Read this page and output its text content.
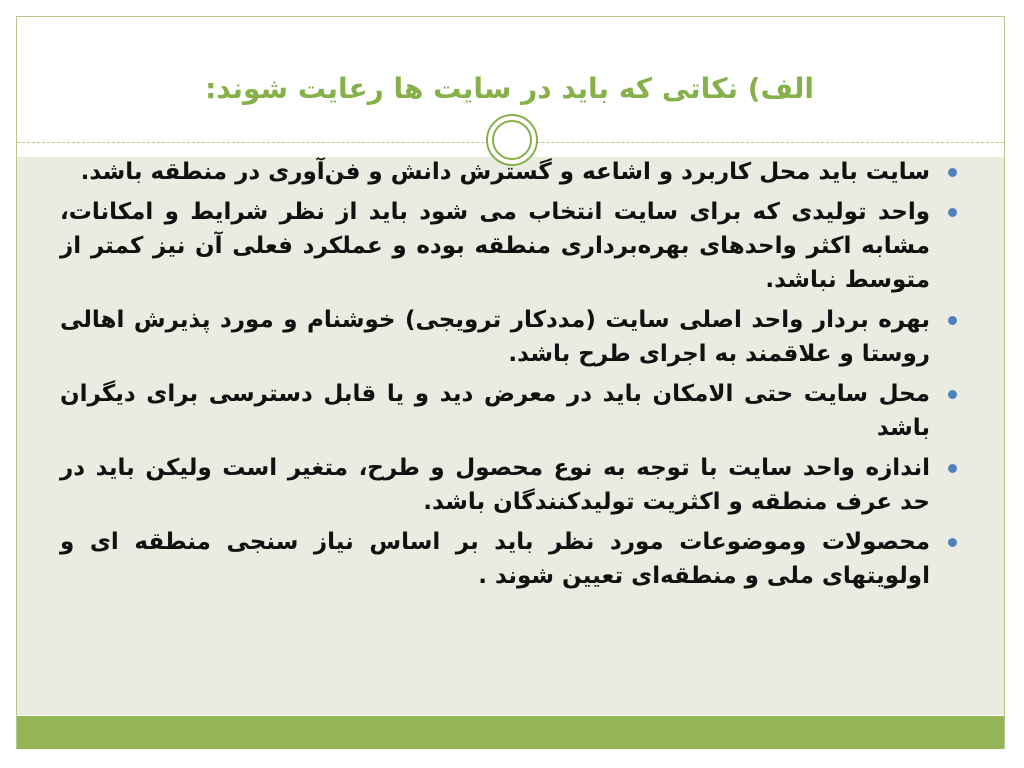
الف) نکاتی که باید در سایت ها رعایت شوند:
سایت باید محل کاربرد و اشاعه و گسترش دانش و فن‌آوری در منطقه باشد.
واحد تولیدی که برای سایت انتخاب می شود باید از نظر شرایط و امکانات، مشابه اکثر واحدهای بهره‌برداری منطقه بوده و عملکرد فعلی آن نیز کمتر از متوسط نباشد.
بهره بردار واحد اصلی سایت (مددکار ترویجی) خوشنام و مورد پذیرش اهالی روستا و علاقمند به اجرای طرح باشد.
محل سایت حتی الامکان باید در معرض دید و یا قابل دسترسی برای دیگران باشد
اندازه واحد سایت با توجه به نوع محصول و طرح، متغیر است ولیکن باید در حد عرف منطقه و اکثریت تولیدکنندگان باشد.
محصولات وموضوعات مورد نظر باید بر اساس نیاز سنجی منطقه ای و اولویتهای ملی و منطقه‌ای تعیین شوند .
